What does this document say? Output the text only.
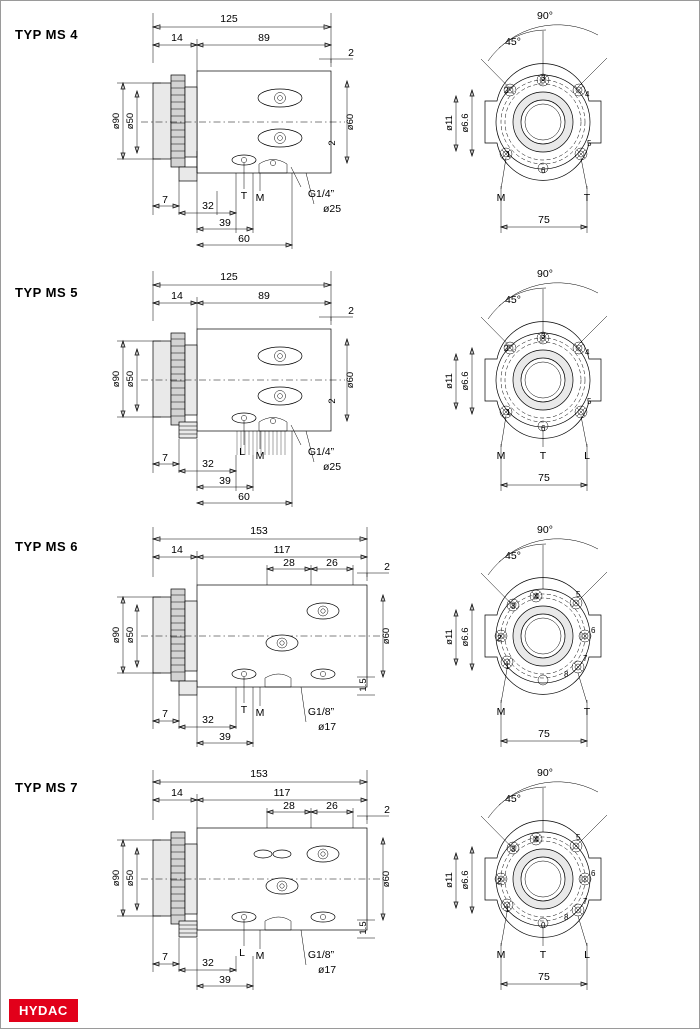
TYP MS 4
125
14	89
2
T M	G1/4”
ø25
ø90 ø50	ø60
2
7	32
39
60
90°
45°
1
2
3
4
5
6
ø11 ø6.6
75
M	T
TYP MS 5
125
14	89
2
L M	G1/4”
ø25
ø90 ø50	ø60
2
7	32
39
60
90°
45°
1
2
3
4
5
6
ø11 ø6.6
75
M	T	L
TYP MS 6
153
14	117
28	26	2
T M	G1/8”
ø17
ø90 ø50	ø60
1.5
7	32
39
90°
45°
1
2
3
4	5
6
7
8
ø11 ø6.6
75
M	T
TYP MS 7
153
14	117
28	26	2
L M	G1/8”
ø17
ø90 ø50	ø60
1.5
7	32
39
90°
45°
0
1
2
3
4	5
6
7
8
ø11 ø6.6
75
M	T	L
HYDAC
